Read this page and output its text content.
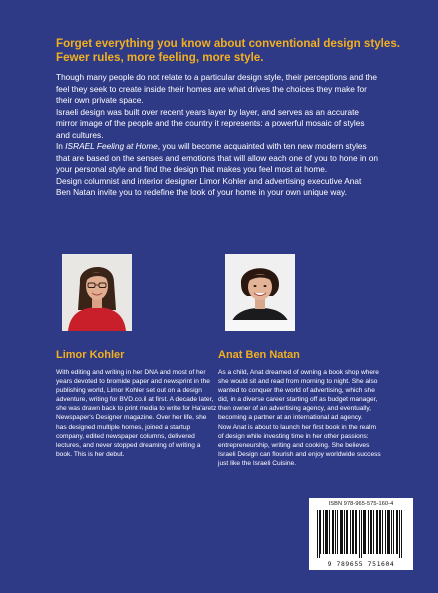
Forget everything you know about conventional design styles.
Fewer rules, more feeling, more style.

Though many people do not relate to a particular design style, their perceptions and the feel they seek to create inside their homes are what drives the choices they make for their own private space.

Israeli design was built over recent years layer by layer, and serves as an accurate mirror image of the people and the country it represents: a powerful mosaic of styles and cultures.

In ISRAEL Feeling at Home, you will become acquainted with ten new modern styles that are based on the senses and emotions that will allow each one of you to hone in on your personal style and find the design that makes you feel most at home.

Design columnist and interior designer Limor Kohler and advertising executive Anat Ben Natan invite you to redefine the look of your home in your own unique way.

Limor Kohler	Anat Ben Natan

With editing and writing in her DNA and most of her years devoted to bromide paper and newsprint in the publishing world, Limor Kohler set out on a design adventure, writing for BVD.co.il at first. A decade later, she was drawn back to print media to write for Ha'aretz Newspaper's Designer magazine. Over her life, she has designed multiple homes, joined a startup company, edited newspaper columns, delivered lectures, and never stopped dreaming of writing a book. This is her debut.

As a child, Anat dreamed of owning a book shop where she would sit and read from morning to night. She also wanted to conquer the world of advertising, which she did, in a diverse career starting off as budget manager, then owner of an advertising agency, and eventually, becoming a partner at an international ad agency.

Now Anat is about to launch her first book in the realm of design while investing time in her other passions: entrepreneurship, writing and cooking. She believes Israeli Design can flourish and enjoy worldwide success just like the Israeli Cuisine.

ISBN 978-965-575-160-4
9 789655 751604
